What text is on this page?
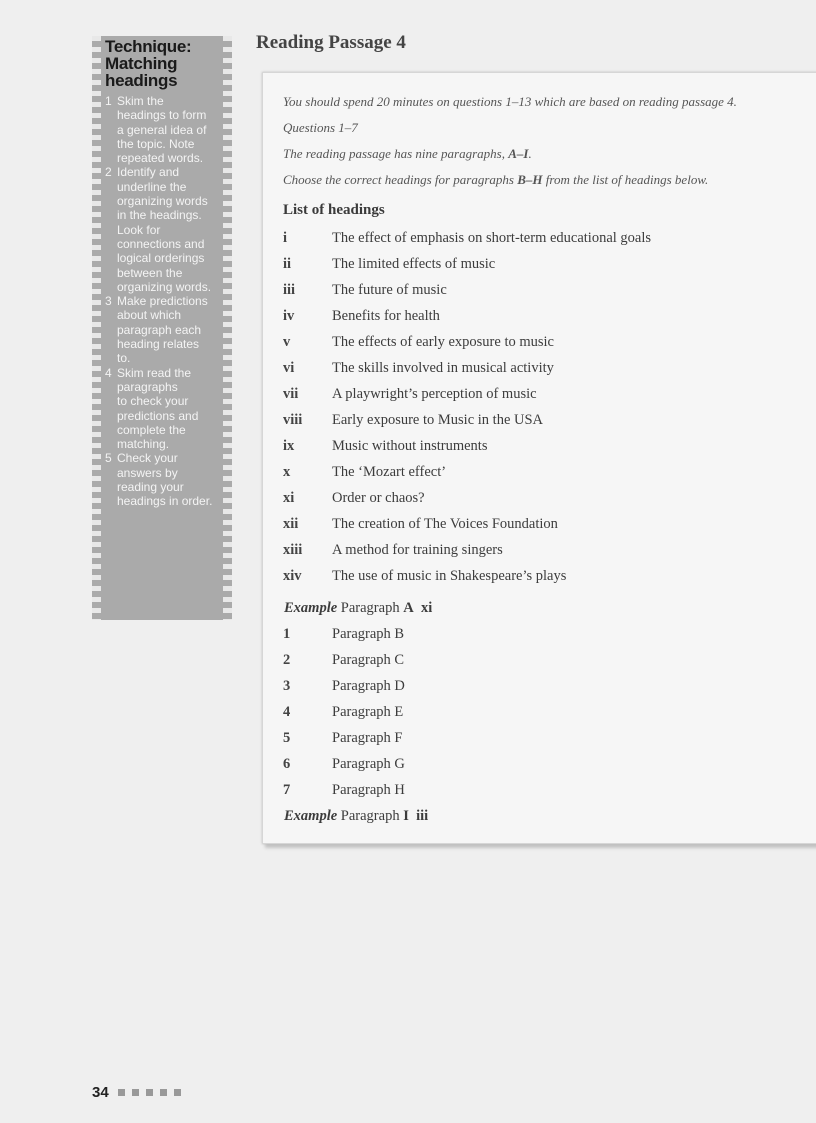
Technique:
Matching
headings
1 Skim the
headings to form
a general idea of
the topic. Note
repeated words.
2 Identify and
underline the
organizing words
in the headings.
Look for
connections and
logical orderings
between the
organizing words.
3 Make predictions
about which
paragraph each
heading relates
to.
4 Skim read the
paragraphs
to check your
predictions and
complete the
matching.
5 Check your
answers by
reading your
headings in order.
Reading Passage 4

You should spend 20 minutes on questions 1–13 which are based on reading passage 4.

Questions 1–7

The reading passage has nine paragraphs, A–I.

Choose the correct headings for paragraphs B–H from the list of headings below.

List of headings
i	The effect of emphasis on short-term educational goals
ii	The limited effects of music
iii	The future of music
iv	Benefits for health
v	The effects of early exposure to music
vi	The skills involved in musical activity
vii	A playwright’s perception of music
viii	Early exposure to Music in the USA
ix	Music without instruments
x	The ‘Mozart effect’
xi	Order or chaos?
xii	The creation of The Voices Foundation
xiii	A method for training singers
xiv	The use of music in Shakespeare’s plays

Example Paragraph A xi

1	Paragraph B
2	Paragraph C
3	Paragraph D
4	Paragraph E
5	Paragraph F
6	Paragraph G
7	Paragraph H

Example Paragraph I iii

34
